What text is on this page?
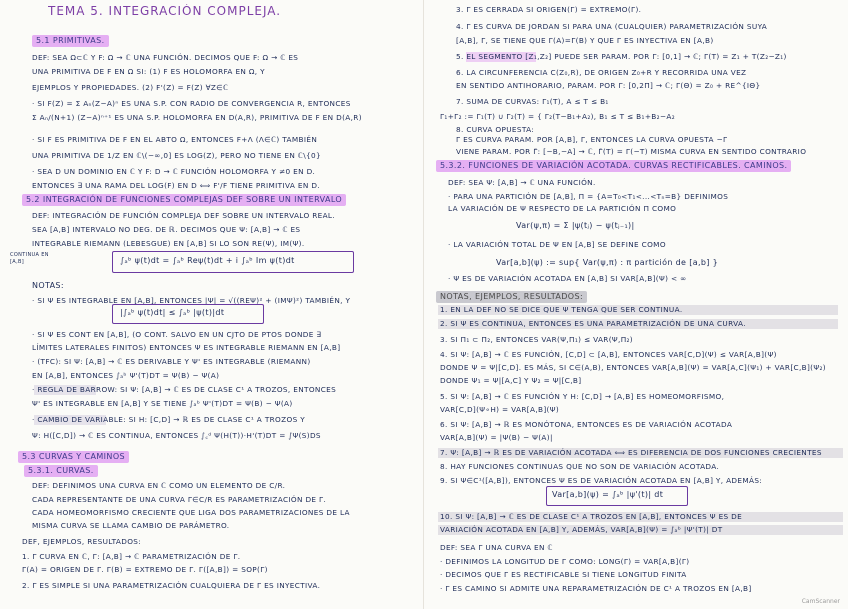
TEMA 5. INTEGRACIÓN COMPLEJA.
5.1 PRIMITIVAS.
DEF: SEA Ω⊂ℂ Y F: Ω → ℂ UNA FUNCIÓN. DECIMOS QUE F: Ω → ℂ ES
UNA PRIMITIVA DE F EN Ω SI: (1) F ES HOLOMORFA EN Ω, Y
EJEMPLOS Y PROPIEDADES. (2) F'(Z) = F(Z) ∀Z∈ℂ
· SI F(Z) = Σ Aₙ(Z−A)ⁿ ES UNA S.P. CON RADIO DE CONVERGENCIA R, ENTONCES
Σ Aₙ/(N+1) (Z−A)ⁿ⁺¹ ES UNA S.P. HOLOMORFA EN D(A,R), PRIMITIVA DE F EN D(A,R)
· SI F ES PRIMITIVA DE F EN EL ABTO Ω, ENTONCES F+Λ (Λ∈ℂ) TAMBIÉN
UNA PRIMITIVA DE 1/Z EN ℂ\(−∞,0] ES LOG(Z), PERO NO TIENE EN ℂ\{0}
· SEA D UN DOMINIO EN ℂ Y F: D → ℂ FUNCIÓN HOLOMORFA Y ≠0 EN D.
ENTONCES ∃ UNA RAMA DEL LOG(F) EN D ⟺ F'/F TIENE PRIMITIVA EN D.
5.2 INTEGRACIÓN DE FUNCIONES COMPLEJAS DEF SOBRE UN INTERVALO
DEF: INTEGRACIÓN DE FUNCIÓN COMPLEJA DEF SOBRE UN INTERVALO REAL.
SEA [A,B] INTERVALO NO DEG. DE ℝ. DECIMOS QUE Ψ: [A,B] → ℂ ES
INTEGRABLE RIEMANN (LEBESGUE) EN [A,B] SI LO SON RE(Ψ), IM(Ψ).
CONTINUA EN [A,B]	∫ₐᵇ ψ(t)dt = ∫ₐᵇ Reψ(t)dt + i ∫ₐᵇ Im ψ(t)dt
NOTAS:
· SI Ψ ES INTEGRABLE EN [A,B], ENTONCES |Ψ| = √((REΨ)² + (IMΨ)²) TAMBIÉN, Y
|∫ₐᵇ ψ(t)dt| ≤ ∫ₐᵇ |ψ(t)|dt
· SI Ψ ES CONT EN [A,B], (O CONT. SALVO EN UN CJTO DE PTOS DONDE ∃
LÍMITES LATERALES FINITOS) ENTONCES Ψ ES INTEGRABLE RIEMANN EN [A,B]
· (TFC): SI Ψ: [A,B] → ℂ ES DERIVABLE Y Ψ' ES INTEGRABLE (RIEMANN)
EN [A,B], ENTONCES ∫ₐᵇ Ψ'(T)DT = Ψ(B) − Ψ(A)
· REGLA DE BARROW: SI Ψ: [A,B] → ℂ ES DE CLASE C¹ A TROZOS, ENTONCES
Ψ' ES INTEGRABLE EN [A,B] Y SE TIENE ∫ₐᵇ Ψ'(T)DT = Ψ(B) − Ψ(A)
· CAMBIO DE VARIABLE: SI H: [C,D] → ℝ ES DE CLASE C¹ A TROZOS Y
Ψ: H([C,D]) → ℂ ES CONTINUA, ENTONCES ∫꜀ᵈ Ψ(H(T))·H'(T)DT = ∫Ψ(S)DS
5.3 CURVAS Y CAMINOS
5.3.1. CURVAS.
DEF: DEFINIMOS UNA CURVA EN ℂ COMO UN ELEMENTO DE C/R.
CADA REPRESENTANTE DE UNA CURVA Γ∈C/R ES PARAMETRIZACIÓN DE Γ.
CADA HOMEOMORFISMO CRECIENTE QUE LIGA DOS PARAMETRIZACIONES DE LA
MISMA CURVA SE LLAMA CAMBIO DE PARÁMETRO.
DEF, EJEMPLOS, RESULTADOS:
1. Γ CURVA EN ℂ, Γ: [A,B] → ℂ PARAMETRIZACIÓN DE Γ.
Γ(A) = ORIGEN DE Γ. Γ(B) = EXTREMO DE Γ. Γ([A,B]) = SOP(Γ)
2. Γ ES SIMPLE SI UNA PARAMETRIZACIÓN CUALQUIERA DE Γ ES INYECTIVA.
3. Γ ES CERRADA SI ORIGEN(Γ) = EXTREMO(Γ).
4. Γ ES CURVA DE JORDAN SI PARA UNA (CUALQUIER) PARAMETRIZACIÓN SUYA
[A,B], Γ, SE TIENE QUE Γ(A)=Γ(B) Y QUE Γ ES INYECTIVA EN [A,B)
5. EL SEGMENTO [Z₁,Z₂] PUEDE SER PARAM. POR Γ: [0,1] → ℂ; Γ(T) = Z₁ + T(Z₂−Z₁)
6. LA CIRCUNFERENCIA C(Z₀,R), DE ORIGEN Z₀+R Y RECORRIDA UNA VEZ
EN SENTIDO ANTIHORARIO, PARAM. POR Γ: [0,2Π] → ℂ; Γ(Θ) = Z₀ + RE^{IΘ}
7. SUMA DE CURVAS: Γ₁(T), A ≤ T ≤ B₁
Γ₁+Γ₂ := Γ₁(T) ∪ Γ₂(T) = { Γ₂(T−B₁+A₂), B₁ ≤ T ≤ B₁+B₂−A₂
8. CURVA OPUESTA:
Γ ES CURVA PARAM. POR [A,B], Γ, ENTONCES LA CURVA OPUESTA −Γ
VIENE PARAM. POR Γ̃: [−B,−A] → ℂ, Γ̃(T) = Γ(−T) MISMA CURVA EN SENTIDO CONTRARIO
5.3.2. FUNCIONES DE VARIACIÓN ACOTADA. CURVAS RECTIFICABLES. CAMINOS.
DEF: SEA Ψ: [A,B] → ℂ UNA FUNCIÓN.
· PARA UNA PARTICIÓN DE [A,B], Π = {A=T₀<T₁<...<Tₙ=B} DEFINIMOS
LA VARIACIÓN DE Ψ RESPECTO DE LA PARTICIÓN Π COMO
Var(ψ,π) = Σ |ψ(tⱼ) − ψ(tⱼ₋₁)|
· LA VARIACIÓN TOTAL DE Ψ EN [A,B] SE DEFINE COMO
Var[a,b](ψ) := sup{ Var(ψ,π) : π partición de [a,b] }
· Ψ ES DE VARIACIÓN ACOTADA EN [A,B] SI VAR[A,B](Ψ) < ∞
NOTAS, EJEMPLOS, RESULTADOS:
1. EN LA DEF NO SE DICE QUE Ψ TENGA QUE SER CONTINUA.
2. SI Ψ ES CONTINUA, ENTONCES ES UNA PARAMETRIZACIÓN DE UNA CURVA.
3. SI Π₁ ⊂ Π₂, ENTONCES VAR(Ψ,Π₁) ≤ VAR(Ψ,Π₂)
4. SI Ψ: [A,B] → ℂ ES FUNCIÓN, [C,D] ⊂ [A,B], ENTONCES VAR[C,D](Ψ) ≤ VAR[A,B](Ψ)
DONDE Ψ = Ψ|[C,D]. ES MÁS, SI C∈(A,B), ENTONCES VAR[A,B](Ψ) = VAR[A,C](Ψ₁) + VAR[C,B](Ψ₂)
DONDE Ψ₁ = Ψ|[A,C] Y Ψ₂ = Ψ|[C,B]
5. SI Ψ: [A,B] → ℂ ES FUNCIÓN Y H: [C,D] → [A,B] ES HOMEOMORFISMO,
VAR[C,D](Ψ∘H) = VAR[A,B](Ψ)
6. SI Ψ: [A,B] → ℝ ES MONÓTONA, ENTONCES ES DE VARIACIÓN ACOTADA
VAR[A,B](Ψ) = |Ψ(B) − Ψ(A)|
7. Ψ: [A,B] → ℝ ES DE VARIACIÓN ACOTADA ⟺ ES DIFERENCIA DE DOS FUNCIONES CRECIENTES
8. HAY FUNCIONES CONTINUAS QUE NO SON DE VARIACIÓN ACOTADA.
9. SI Ψ∈C¹([A,B]), ENTONCES Ψ ES DE VARIACIÓN ACOTADA EN [A,B] Y, ADEMÁS:
Var[a,b](ψ) = ∫ₐᵇ |ψ'(t)| dt
10. SI Ψ: [A,B] → ℂ ES DE CLASE C¹ A TROZOS EN [A,B], ENTONCES Ψ ES DE
VARIACIÓN ACOTADA EN [A,B] Y, ADEMÁS, VAR[A,B](Ψ) = ∫ₐᵇ |Ψ'(T)| DT
DEF: SEA Γ UNA CURVA EN ℂ
· DEFINIMOS LA LONGITUD DE Γ COMO: LONG(Γ) = VAR[A,B](Γ)
· DECIMOS QUE Γ ES RECTIFICABLE SI TIENE LONGITUD FINITA
· Γ ES CAMINO SI ADMITE UNA REPARAMETRIZACIÓN DE C¹ A TROZOS EN [A,B]
CamScanner
